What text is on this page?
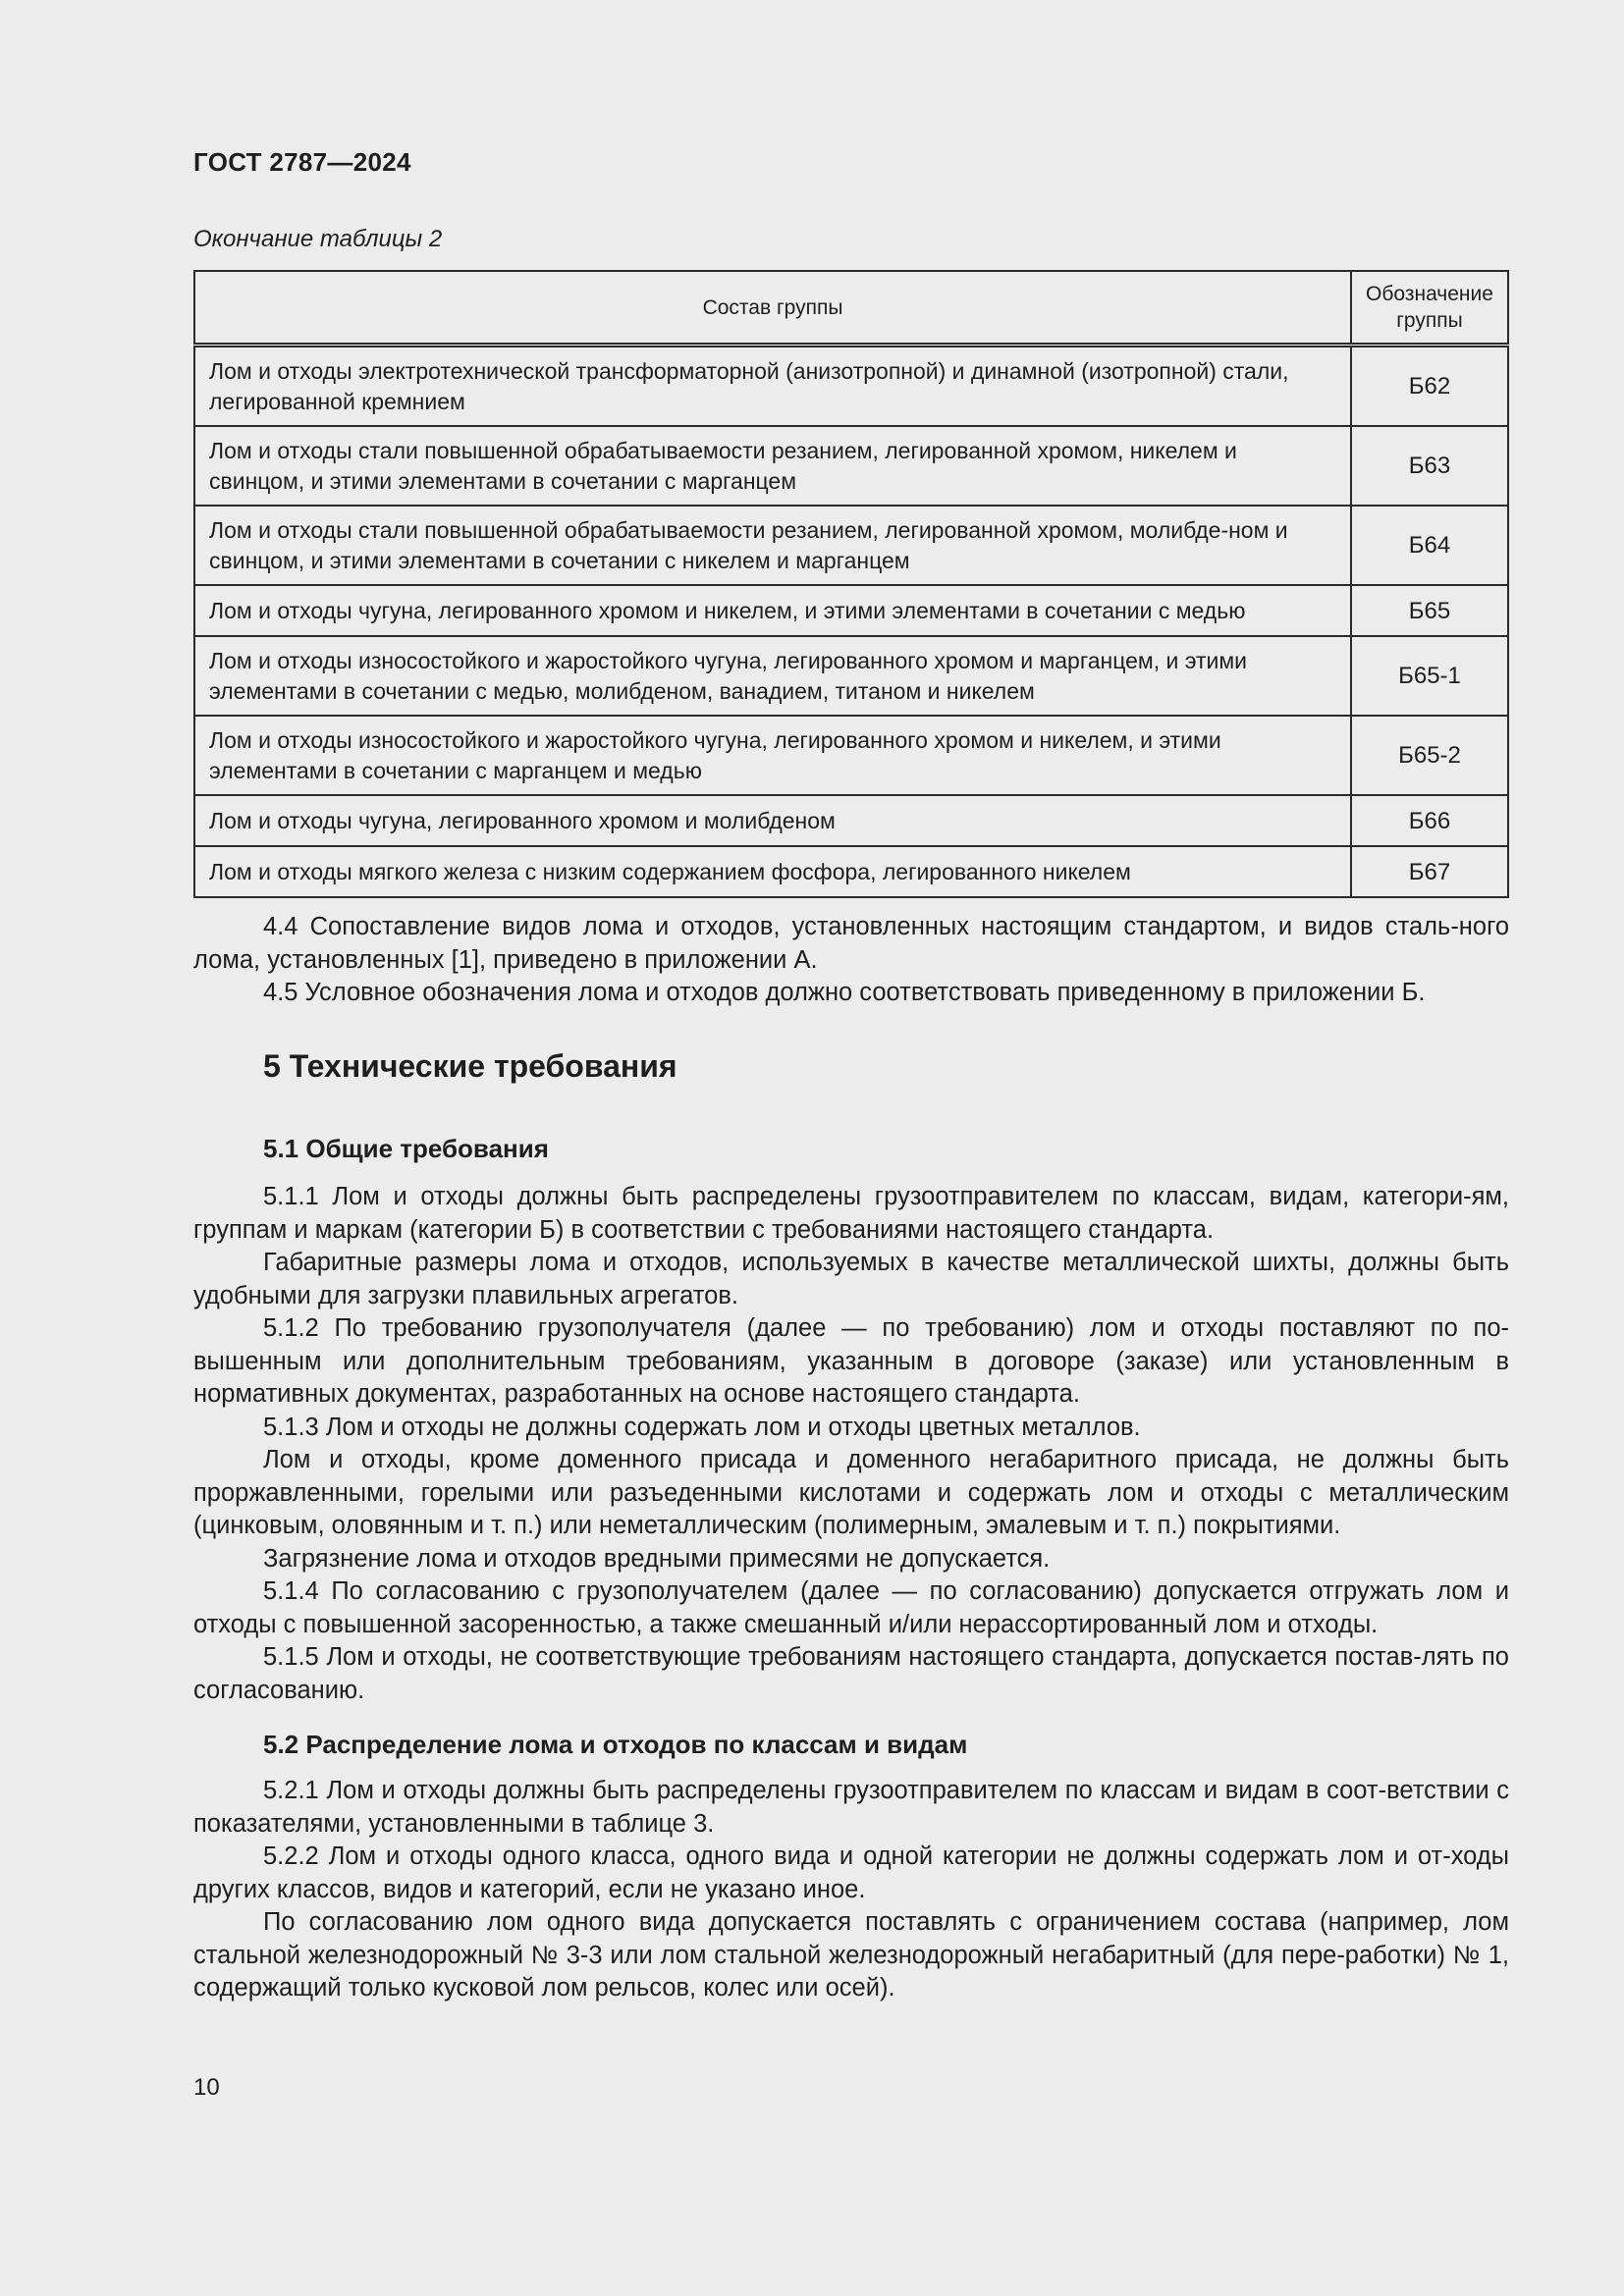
ГОСТ 2787—2024
Окончание таблицы 2
Состав группы	Обозначение группы
Лом и отходы электротехнической трансформаторной (анизотропной) и динамной (изотропной) стали, легированной кремнием	Б62
Лом и отходы стали повышенной обрабатываемости резанием, легированной хромом, никелем и свинцом, и этими элементами в сочетании с марганцем	Б63
Лом и отходы стали повышенной обрабатываемости резанием, легированной хромом, молибде-ном и свинцом, и этими элементами в сочетании с никелем и марганцем	Б64
Лом и отходы чугуна, легированного хромом и никелем, и этими элементами в сочетании с медью	Б65
Лом и отходы износостойкого и жаростойкого чугуна, легированного хромом и марганцем, и этими элементами в сочетании с медью, молибденом, ванадием, титаном и никелем	Б65-1
Лом и отходы износостойкого и жаростойкого чугуна, легированного хромом и никелем, и этими элементами в сочетании с марганцем и медью	Б65-2
Лом и отходы чугуна, легированного хромом и молибденом	Б66
Лом и отходы мягкого железа с низким содержанием фосфора, легированного никелем	Б67

4.4 Сопоставление видов лома и отходов, установленных настоящим стандартом, и видов сталь-ного лома, установленных [1], приведено в приложении А.

4.5 Условное обозначения лома и отходов должно соответствовать приведенному в приложении Б.

5 Технические требования
5.1 Общие требования

5.1.1 Лом и отходы должны быть распределены грузоотправителем по классам, видам, категори-ям, группам и маркам (категории Б) в соответствии с требованиями настоящего стандарта.

Габаритные размеры лома и отходов, используемых в качестве металлической шихты, должны быть удобными для загрузки плавильных агрегатов.

5.1.2 По требованию грузополучателя (далее — по требованию) лом и отходы поставляют по по-вышенным или дополнительным требованиям, указанным в договоре (заказе) или установленным в нормативных документах, разработанных на основе настоящего стандарта.

5.1.3 Лом и отходы не должны содержать лом и отходы цветных металлов.

Лом и отходы, кроме доменного присада и доменного негабаритного присада, не должны быть проржавленными, горелыми или разъеденными кислотами и содержать лом и отходы с металлическим (цинковым, оловянным и т. п.) или неметаллическим (полимерным, эмалевым и т. п.) покрытиями.

Загрязнение лома и отходов вредными примесями не допускается.

5.1.4 По согласованию с грузополучателем (далее — по согласованию) допускается отгружать лом и отходы с повышенной засоренностью, а также смешанный и/или нерассортированный лом и отходы.

5.1.5 Лом и отходы, не соответствующие требованиям настоящего стандарта, допускается постав-лять по согласованию.

5.2 Распределение лома и отходов по классам и видам

5.2.1 Лом и отходы должны быть распределены грузоотправителем по классам и видам в соот-ветствии с показателями, установленными в таблице 3.

5.2.2 Лом и отходы одного класса, одного вида и одной категории не должны содержать лом и от-ходы других классов, видов и категорий, если не указано иное.

По согласованию лом одного вида допускается поставлять с ограничением состава (например, лом стальной железнодорожный № 3-3 или лом стальной железнодорожный негабаритный (для пере-работки) № 1, содержащий только кусковой лом рельсов, колес или осей).

10
